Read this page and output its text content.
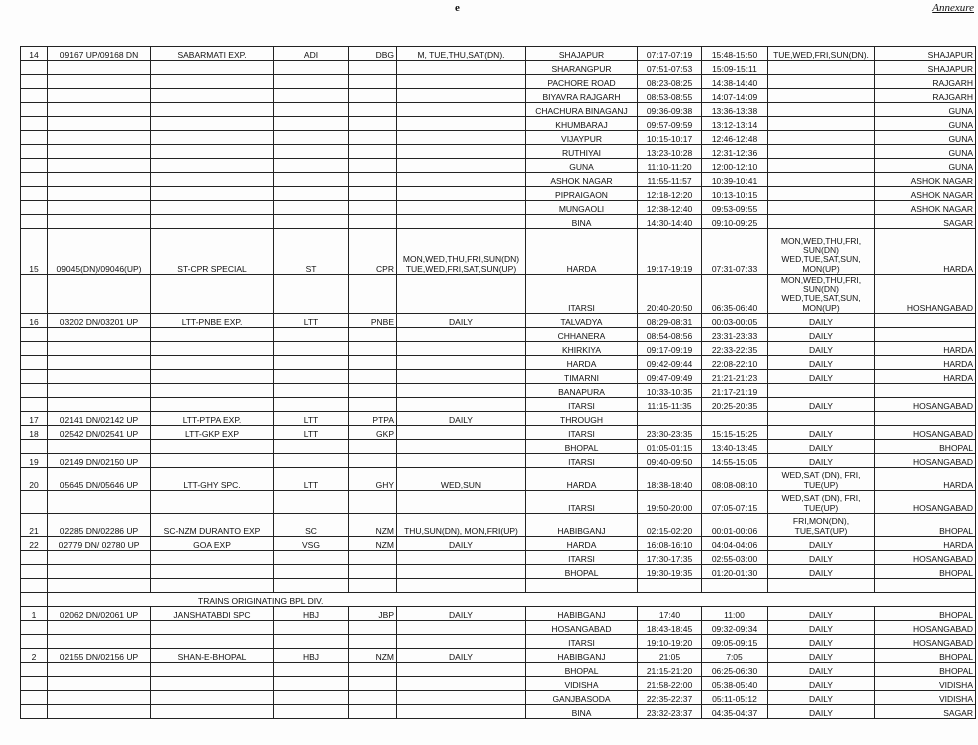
e	Annexure
14	09167 UP/09168 DN	SABARMATI EXP.	ADI	DBG	M, TUE,THU,SAT(DN).	SHAJAPUR	07:17-07:19	15:48-15:50	TUE,WED,FRI,SUN(DN).	SHAJAPUR
						SHARANGPUR	07:51-07:53	15:09-15:11		SHAJAPUR
						PACHORE ROAD	08:23-08:25	14:38-14:40		RAJGARH
						BIYAVRA RAJGARH	08:53-08:55	14:07-14:09		RAJGARH
						CHACHURA BINAGANJ	09:36-09:38	13:36-13:38		GUNA
						KHUMBARAJ	09:57-09:59	13:12-13:14		GUNA
						VIJAYPUR	10:15-10:17	12:46-12:48		GUNA
						RUTHIYAI	13:23-10:28	12:31-12:36		GUNA
						GUNA	11:10-11:20	12:00-12:10		GUNA
						ASHOK NAGAR	11:55-11:57	10:39-10:41		ASHOK NAGAR
						PIPRAIGAON	12:18-12:20	10:13-10:15		ASHOK NAGAR
						MUNGAOLI	12:38-12:40	09:53-09:55		ASHOK NAGAR
						BINA	14:30-14:40	09:10-09:25		SAGAR
15	09045(DN)/09046(UP)	ST-CPR SPECIAL	ST	CPR	MON,WED,THU,FRI,SUN(DN) TUE,WED,FRI,SAT,SUN(UP)	HARDA	19:17-19:19	07:31-07:33	MON,WED,THU,FRI, SUN(DN) WED,TUE,SAT,SUN, MON(UP)	HARDA
						ITARSI	20:40-20:50	06:35-06:40	MON,WED,THU,FRI, SUN(DN) WED,TUE,SAT,SUN, MON(UP)	HOSHANGABAD
16	03202 DN/03201 UP	LTT-PNBE EXP.	LTT	PNBE	DAILY	TALVADYA	08:29-08:31	00:03-00:05	DAILY	
						CHHANERA	08:54-08:56	23:31-23:33	DAILY	
						KHIRKIYA	09:17-09:19	22:33-22:35	DAILY	HARDA
						HARDA	09:42-09:44	22:08-22:10	DAILY	HARDA
						TIMARNI	09:47-09:49	21:21-21:23	DAILY	HARDA
						BANAPURA	10:33-10:35	21:17-21:19		
						ITARSI	11:15-11:35	20:25-20:35	DAILY	HOSANGABAD
17	02141 DN/02142 UP	LTT-PTPA EXP.	LTT	PTPA	DAILY	THROUGH				
18	02542 DN/02541 UP	LTT-GKP EXP	LTT	GKP		ITARSI	23:30-23:35	15:15-15:25	DAILY	HOSANGABAD
						BHOPAL	01:05-01:15	13:40-13:45	DAILY	BHOPAL
19	02149 DN/02150 UP					ITARSI	09:40-09:50	14:55-15:05	DAILY	HOSANGABAD
20	05645 DN/05646 UP	LTT-GHY SPC.	LTT	GHY	WED,SUN	HARDA	18:38-18:40	08:08-08:10	WED,SAT (DN), FRI, TUE(UP)	HARDA
						ITARSI	19:50-20:00	07:05-07:15	WED,SAT (DN), FRI, TUE(UP)	HOSANGABAD
21	02285 DN/02286 UP	SC-NZM DURANTO EXP	SC	NZM	THU,SUN(DN), MON,FRI(UP)	HABIBGANJ	02:15-02:20	00:01-00:06	FRI,MON(DN), TUE,SAT(UP)	BHOPAL
22	02779 DN/ 02780 UP	GOA EXP	VSG	NZM	DAILY	HARDA	16:08-16:10	04:04-04:06	DAILY	HARDA
						ITARSI	17:30-17:35	02:55-03:00	DAILY	HOSANGABAD
						BHOPAL	19:30-19:35	01:20-01:30	DAILY	BHOPAL

	TRAINS ORIGINATING BPL DIV.									
1	02062 DN/02061 UP	JANSHATABDI SPC	HBJ	JBP	DAILY	HABIBGANJ	17:40	11:00	DAILY	BHOPAL
						HOSANGABAD	18:43-18:45	09:32-09:34	DAILY	HOSANGABAD
						ITARSI	19:10-19:20	09:05-09:15	DAILY	HOSANGABAD
2	02155 DN/02156 UP	SHAN-E-BHOPAL	HBJ	NZM	DAILY	HABIBGANJ	21:05	7:05	DAILY	BHOPAL
						BHOPAL	21:15-21:20	06:25-06:30	DAILY	BHOPAL
						VIDISHA	21:58-22:00	05:38-05:40	DAILY	VIDISHA
						GANJBASODA	22:35-22:37	05:11-05:12	DAILY	VIDISHA
						BINA	23:32-23:37	04:35-04:37	DAILY	SAGAR
